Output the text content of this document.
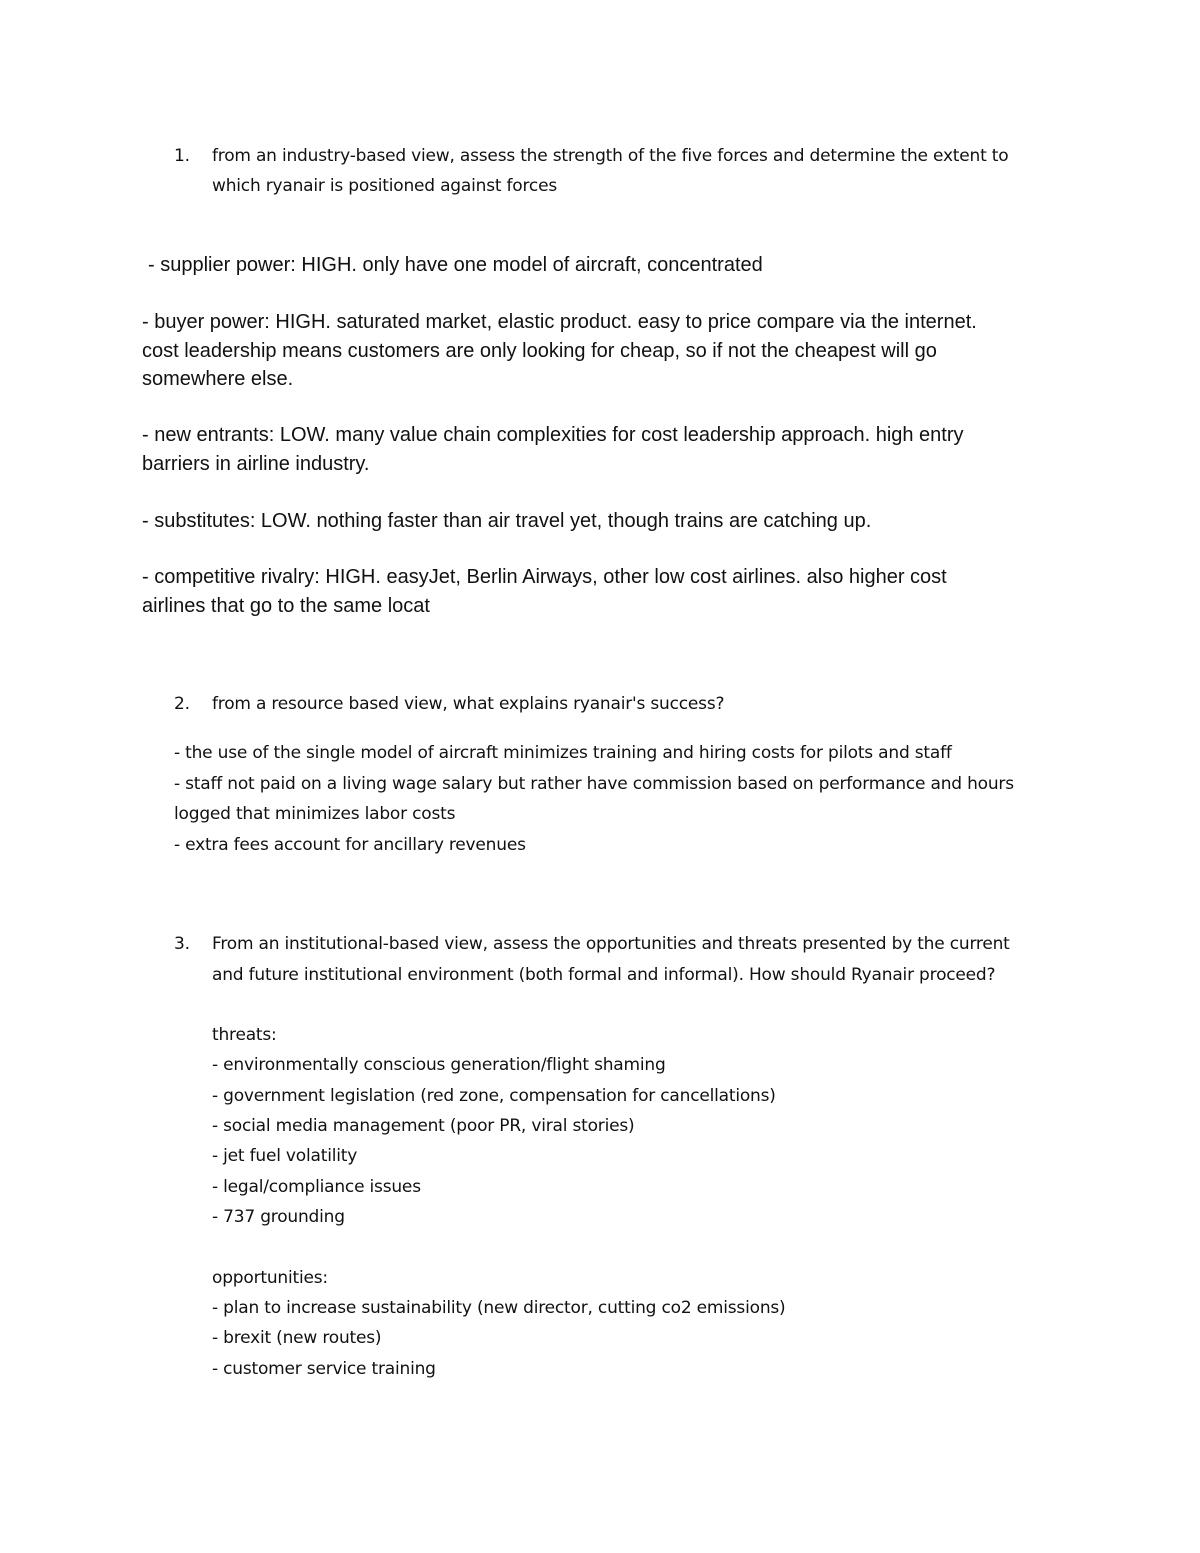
1. from an industry-based view, assess the strength of the five forces and determine the extent to
which ryanair is positioned against forces
- supplier power: HIGH. only have one model of aircraft, concentrated
- buyer power: HIGH. saturated market, elastic product. easy to price compare via the internet.
cost leadership means customers are only looking for cheap, so if not the cheapest will go
somewhere else.
- new entrants: LOW. many value chain complexities for cost leadership approach. high entry
barriers in airline industry.
- substitutes: LOW. nothing faster than air travel yet, though trains are catching up.
- competitive rivalry: HIGH. easyJet, Berlin Airways, other low cost airlines. also higher cost
airlines that go to the same locat
2. from a resource based view, what explains ryanair's success?
- the use of the single model of aircraft minimizes training and hiring costs for pilots and staff
- staff not paid on a living wage salary but rather have commission based on performance and hours
logged that minimizes labor costs
- extra fees account for ancillary revenues
3. From an institutional-based view, assess the opportunities and threats presented by the current
and future institutional environment (both formal and informal). How should Ryanair proceed?
threats:
- environmentally conscious generation/flight shaming
- government legislation (red zone, compensation for cancellations)
- social media management (poor PR, viral stories)
- jet fuel volatility
- legal/compliance issues
- 737 grounding
opportunities:
- plan to increase sustainability (new director, cutting co2 emissions)
- brexit (new routes)
- customer service training
